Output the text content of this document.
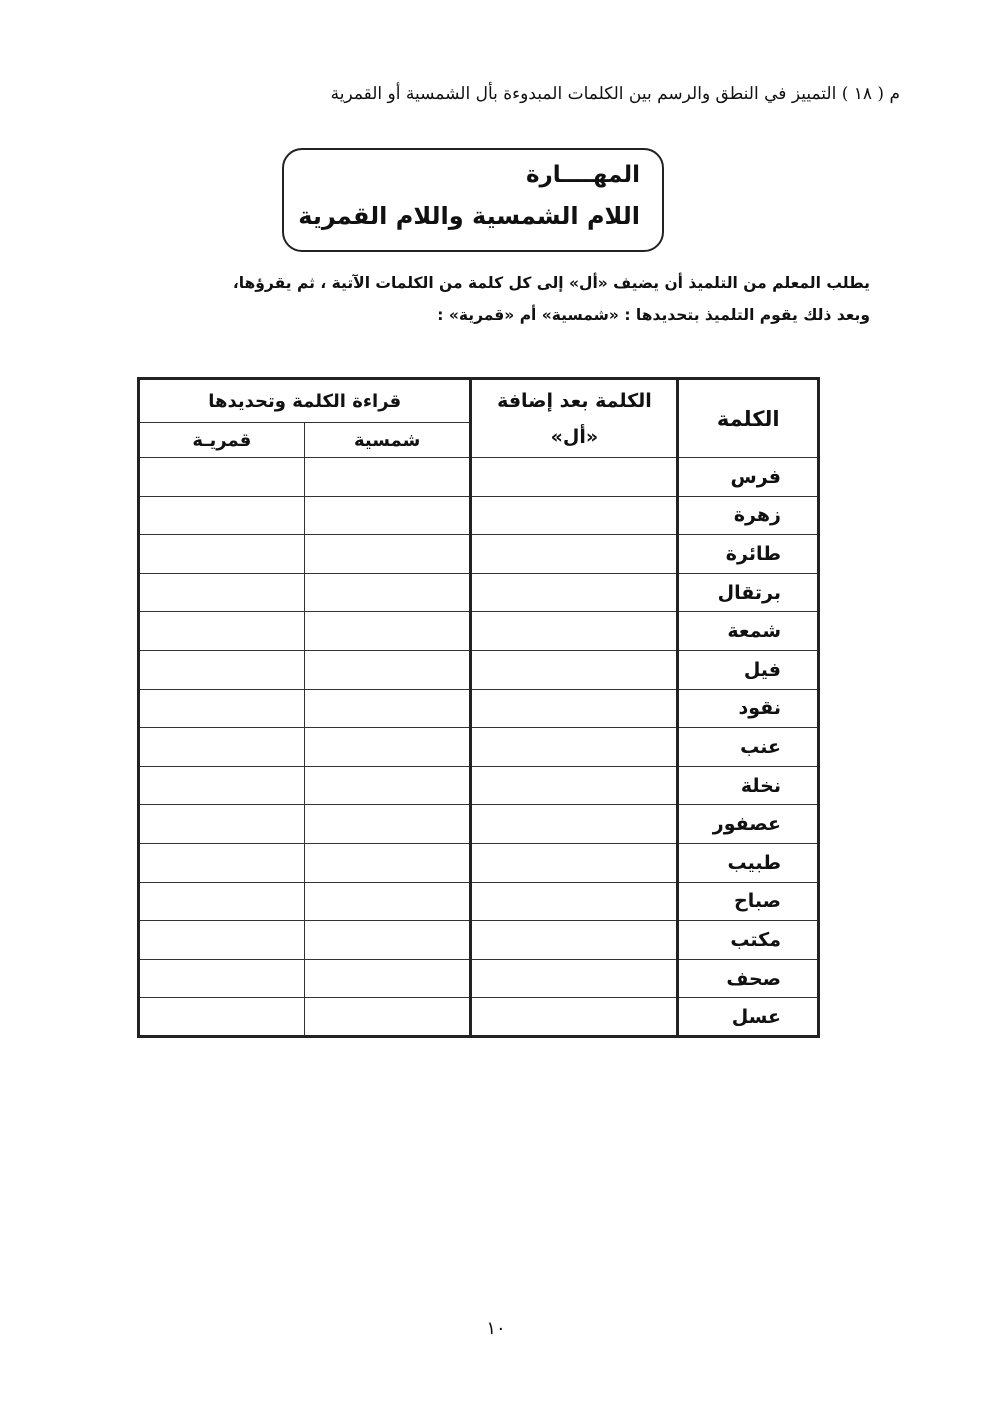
م ( ١٨ ) التمييز في النطق والرسم بين الكلمات المبدوءة بأل الشمسية أو القمرية
المهــــارة
اللام الشمسية واللام القمرية
يطلب المعلم من التلميذ أن يضيف «أل» إلى كل كلمة من الكلمات الآتية ، ثم يقرؤها،
وبعد ذلك يقوم التلميذ بتحديدها : «شمسية» أم «قمرية» :
الكلمة	الكلمة بعد إضافة «أل»	قراءة الكلمة وتحديدها	
		شمسية	قمريـة
فرس			
زهرة			
طائرة			
برتقال			
شمعة			
فيل			
نقود			
عنب			
نخلة			
عصفور			
طبيب			
صباح			
مكتب			
صحف			
عسل			
١٠
